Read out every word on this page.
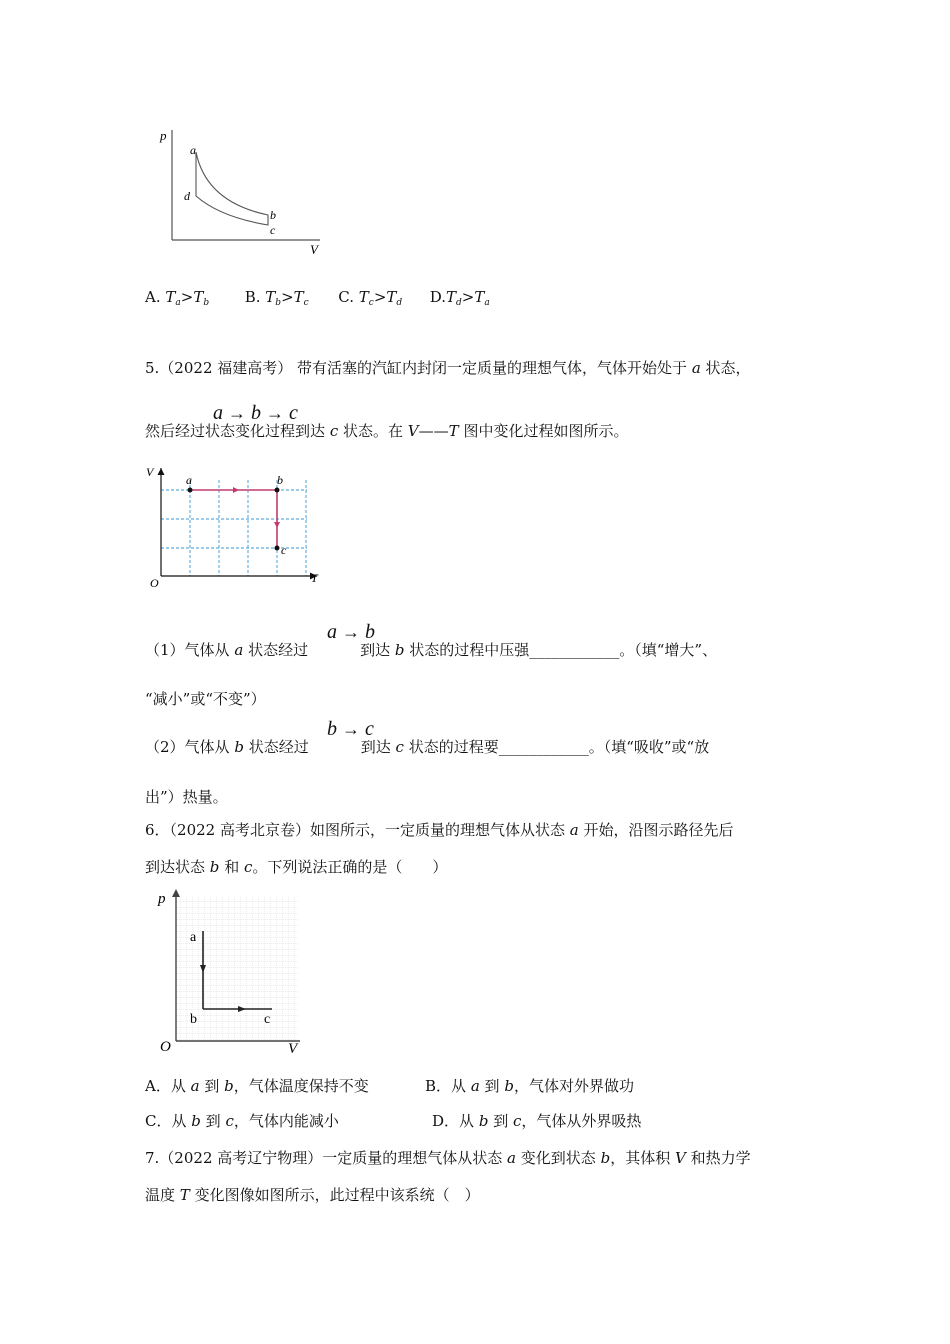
p
V
a
d
b
c
A. $T_a>T_b$ B. $T_b>T_c$ C. $T_c>T_d$ $D.T_d>T_a$
5.（2022 福建高考） 带有活塞的汽缸内封闭一定质量的理想气体，气体开始处于 a 状态，
然后经过状态变化过程到达 c 状态。在 V——T 图中变化过程如图所示。
a → b → c
V
T
O
a	b
c
（1）气体从 a 状态经过	到达 b 状态的过程中压强____________。（填“增大”、
a → b
“减小”或“不变”）
（2）气体从 b 状态经过	到达 c 状态的过程要____________。（填“吸收”或“放
b → c
出”）热量。
6．（2022 高考北京卷）如图所示，一定质量的理想气体从状态 a 开始，沿图示路径先后
到达状态 b 和 c。下列说法正确的是（　　）
p
V
O
a
b	c
A．从 a 到 b，气体温度保持不变	B．从 a 到 b，气体对外界做功
C．从 b 到 c，气体内能减小	D．从 b 到 c，气体从外界吸热
7.（2022 高考辽宁物理）一定质量的理想气体从状态 a 变化到状态 b，其体积 V 和热力学
温度 T 变化图像如图所示，此过程中该系统（　）
